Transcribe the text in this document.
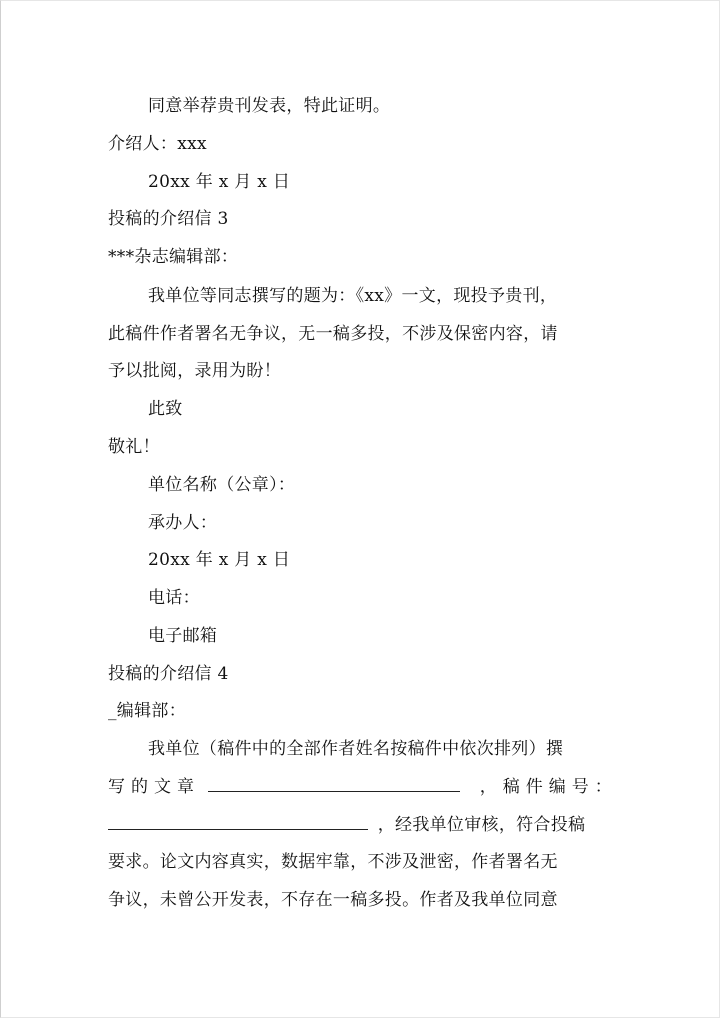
同意举荐贵刊发表，特此证明。
介绍人：xxx
20xx 年 x 月 x 日
投稿的介绍信 3
***杂志编辑部：
我单位等同志撰写的题为：《xx》一文，现投予贵刊，
此稿件作者署名无争议，无一稿多投，不涉及保密内容，请
予以批阅，录用为盼！
此致
敬礼！
单位名称（公章）：
承办人：
20xx 年 x 月 x 日
电话：
电子邮箱
投稿的介绍信 4
_编辑部：
我单位（稿件中的全部作者姓名按稿件中依次排列）撰
写 的 文 章	， 稿 件 编 号 ：
，经我单位审核，符合投稿
要求。论文内容真实，数据牢靠，不涉及泄密，作者署名无
争议，未曾公开发表，不存在一稿多投。作者及我单位同意
